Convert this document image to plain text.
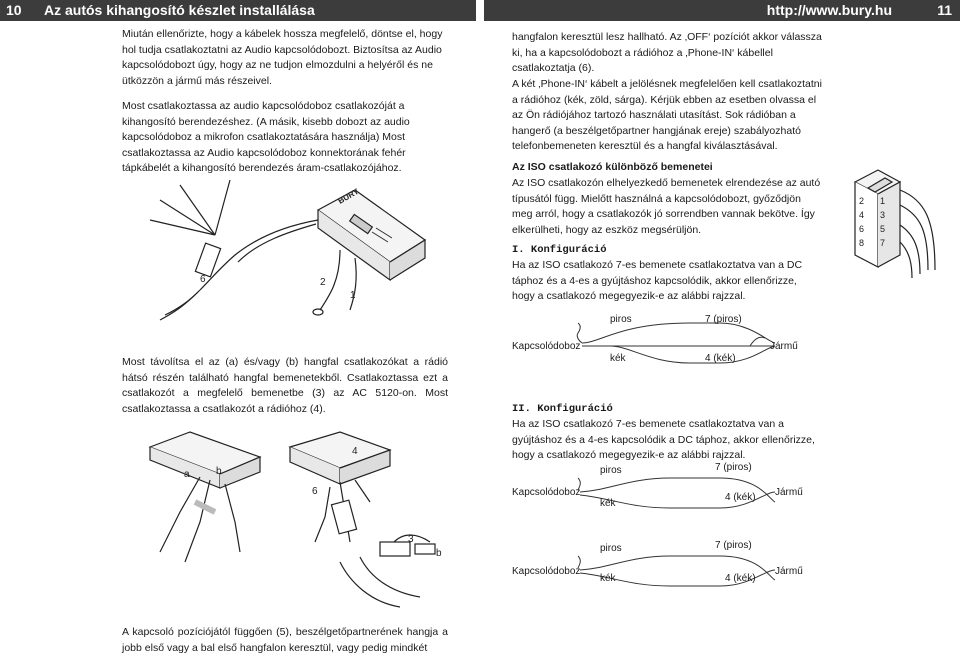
10 Az autós kihangosító készlet installálása	http://www.bury.hu	11

Miután ellenőrizte, hogy a kábelek hossza megfelelő, döntse el, hogy hol tudja csatlakoztatni az Audio kapcsolódobozt. Biztosítsa az Audio kapcsolódobozt úgy, hogy az ne tudjon elmozdulni a helyéről és ne ütközzön a jármű más részeivel.

Most csatlakoztassa az audio kapcsolódoboz csatlakozóját a kihangosító berendezéshez. (A másik, kisebb dobozt az audio kapcsolódoboz a mikrofon csatlakoztatására használja) Most csatlakoztassa az Audio kapcsolódoboz konnektorának fehér tápkábelét a kihangosító berendezés áram-csatlakozójához.

BURY
6	2
1

Most távolítsa el az (a) és/vagy (b) hangfal csatlakozókat a rádió hátsó részén található hangfal bemenetekből. Csatlakoztassa ezt a csatlakozót a megfelelő bemenetbe (3) az AC 5120-on. Most csatlakoztassa a csatlakozót a rádióhoz (4).

a	b
6
4
3
b

A kapcsoló pozíciójától függően (5), beszélgetőpartnerének hangja a jobb első vagy a bal első hangfalon keresztül, vagy pedig mindkét

hangfalon keresztül lesz hallható. Az ‚OFF‘ pozíciót akkor válassza ki, ha a kapcsolódobozt a rádióhoz a ‚Phone-IN‘ kábellel csatlakoztatja (6).

A két ‚Phone-IN‘ kábelt a jelölésnek megfelelően kell csatlakoztatni a rádióhoz (kék, zöld, sárga). Kérjük ebben az esetben olvassa el az Ön rádiójához tartozó használati utasítást. Sok rádióban a hangerő (a beszélgetőpartner hangjának ereje) szabályozható telefonbemeneten keresztül és a hangfal kiválasztásával.

Az ISO csatlakozó különböző bemenetei

Az ISO csatlakozón elhelyezkedő bemenetek elrendezése az autó típusától függ. Mielőtt használná a kapcsolódobozt, győződjön meg arról, hogy a csatlakozók jó sorrendben vannak bekötve. Így elkerülheti, hogy az eszköz megsérüljön.

2 1
4 3
6 5
8 7

I. Konfiguráció

Ha az ISO csatlakozó 7-es bemenete csatlakoztatva van a DC táphoz és a 4-es a gyújtáshoz kapcsolódik, akkor ellenőrizze, hogy a csatlakozó megegyezik-e az alábbi rajzzal.

piros	7 (piros)
Kapcsolódoboz
kék	4 (kék)
Jármű

II. Konfiguráció

Ha az ISO csatlakozó 7-es bemenete csatlakoztatva van a gyújtáshoz és a 4-es kapcsolódik a DC táphoz, akkor ellenőrizze, hogy a csatlakozó megegyezik-e az alábbi rajzzal.

piros	7 (piros)
Kapcsolódoboz
kék
4 (kék) Jármű
piros	7 (piros)
Kapcsolódoboz
kék	4 (kék)
Jármű
